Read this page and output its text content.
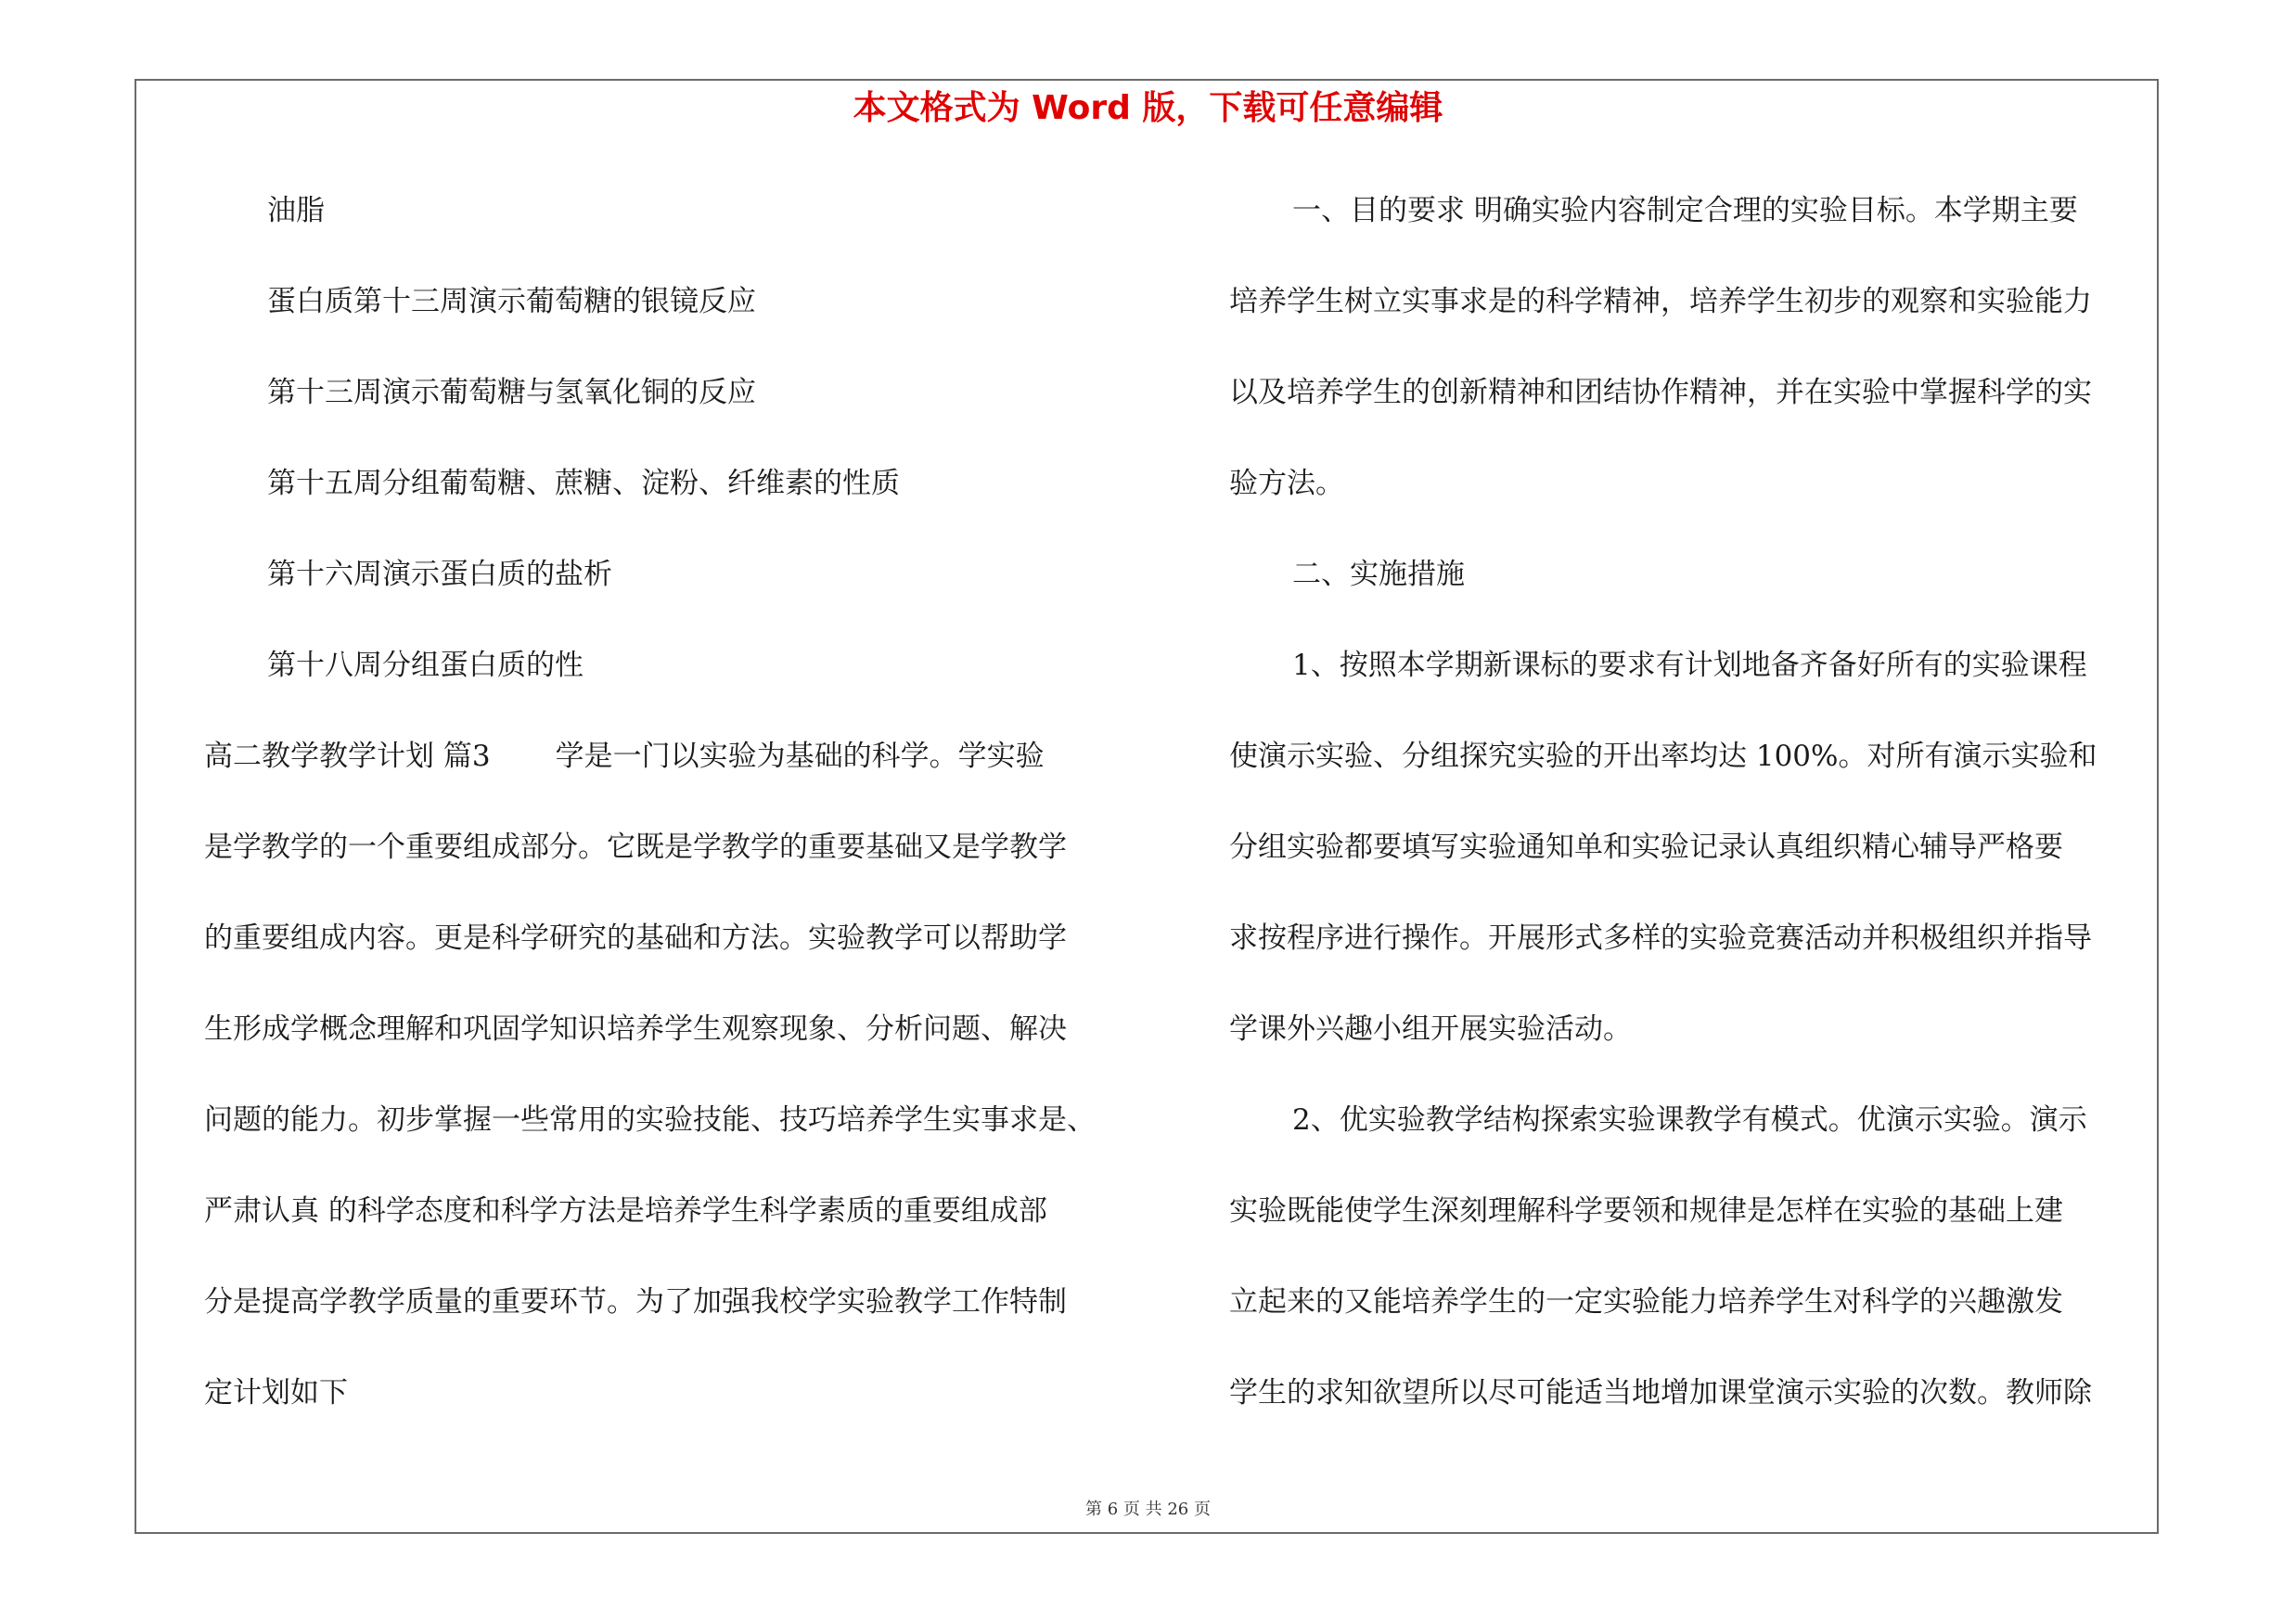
本文格式为 Word 版，下载可任意编辑
油脂
蛋白质第十三周演示葡萄糖的银镜反应
第十三周演示葡萄糖与氢氧化铜的反应
第十五周分组葡萄糖、蔗糖、淀粉、纤维素的性质
第十六周演示蛋白质的盐析
第十八周分组蛋白质的性
高二教学教学计划 篇3 学是一门以实验为基础的科学。学实验
是学教学的一个重要组成部分。它既是学教学的重要基础又是学教学
的重要组成内容。更是科学研究的基础和方法。实验教学可以帮助学
生形成学概念理解和巩固学知识培养学生观察现象、分析问题、解决
问题的能力。初步掌握一些常用的实验技能、技巧培养学生实事求是、
严肃认真 的科学态度和科学方法是培养学生科学素质的重要组成部
分是提高学教学质量的重要环节。为了加强我校学实验教学工作特制
定计划如下
一、目的要求 明确实验内容制定合理的实验目标。本学期主要
培养学生树立实事求是的科学精神，培养学生初步的观察和实验能力
以及培养学生的创新精神和团结协作精神，并在实验中掌握科学的实
验方法。
二、实施措施
1、按照本学期新课标的要求有计划地备齐备好所有的实验课程
使演示实验、分组探究实验的开出率均达 100%。对所有演示实验和
分组实验都要填写实验通知单和实验记录认真组织精心辅导严格要
求按程序进行操作。开展形式多样的实验竞赛活动并积极组织并指导
学课外兴趣小组开展实验活动。
2、优实验教学结构探索实验课教学有模式。优演示实验。演示
实验既能使学生深刻理解科学要领和规律是怎样在实验的基础上建
立起来的又能培养学生的一定实验能力培养学生对科学的兴趣激发
学生的求知欲望所以尽可能适当地增加课堂演示实验的次数。教师除
第 6 页 共 26 页
